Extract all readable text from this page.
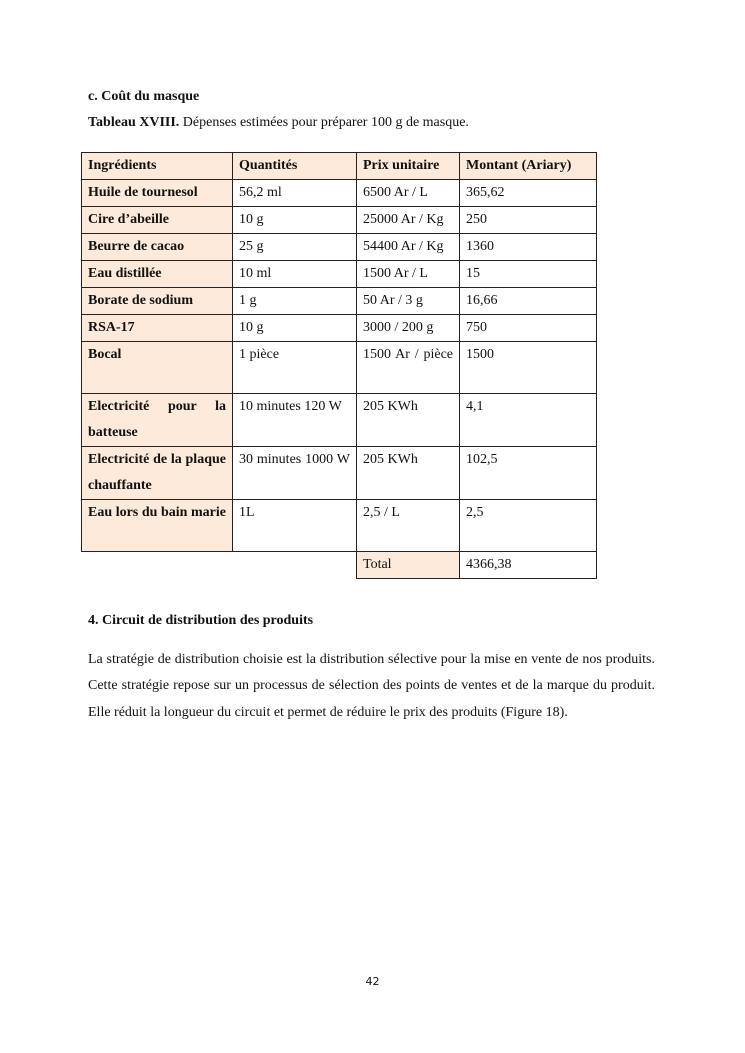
c. Coût du masque
Tableau XVIII. Dépenses estimées pour préparer 100 g de masque.
Ingrédients	Quantités	Prix unitaire	Montant (Ariary)
Huile de tournesol	56,2 ml	6500 Ar / L	365,62
Cire d’abeille	10 g	25000 Ar / Kg	250
Beurre de cacao	25 g	54400 Ar / Kg	1360
Eau distillée	10 ml	1500 Ar / L	15
Borate de sodium	1 g	50 Ar / 3 g	16,66
RSA-17	10 g	3000 / 200 g	750
Bocal	1 pièce	1500 Ar / pièce	1500
Electricité pour la batteuse	10 minutes 120 W	205 KWh	4,1
Electricité de la plaque chauffante	30 minutes 1000 W	205 KWh	102,5
Eau lors du bain marie	1L	2,5 / L	2,5
		Total	4366,38
4. Circuit de distribution des produits
La stratégie de distribution choisie est la distribution sélective pour la mise en vente de nos produits. Cette stratégie repose sur un processus de sélection des points de ventes et de la marque du produit. Elle réduit la longueur du circuit et permet de réduire le prix des produits (Figure 18).
42
